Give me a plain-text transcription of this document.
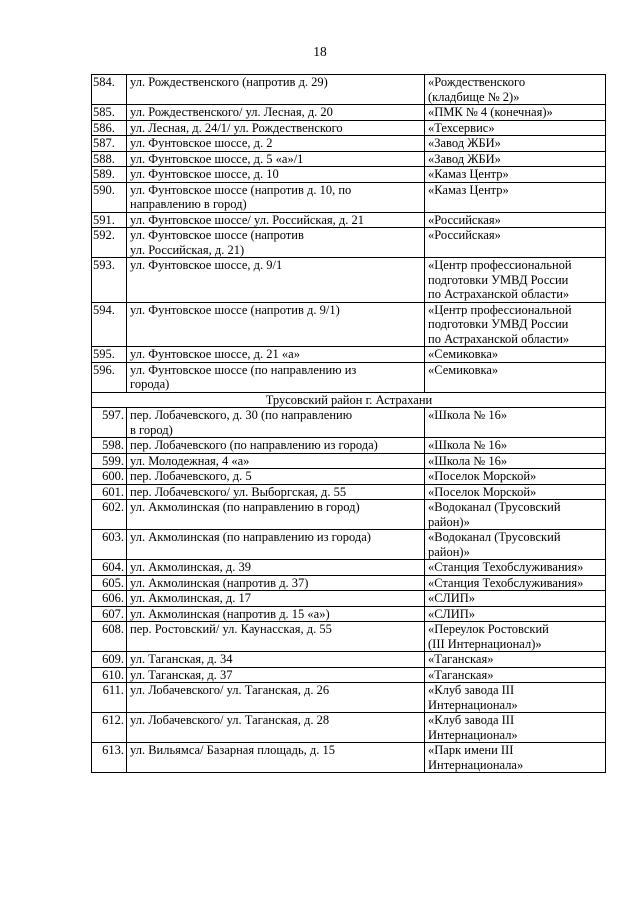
18
584.	ул. Рождественского (напротив д. 29)	«Рождественского
(кладбище № 2)»
585.	ул. Рождественского/ ул. Лесная, д. 20	«ПМК № 4 (конечная)»
586.	ул. Лесная, д. 24/1/ ул. Рождественского	«Техсервис»
587.	ул. Фунтовское шоссе, д. 2	«Завод ЖБИ»
588.	ул. Фунтовское шоссе, д. 5 «а»/1	«Завод ЖБИ»
589.	ул. Фунтовское шоссе, д. 10	«Камаз Центр»
590.	ул. Фунтовское шоссе (напротив д. 10, по
направлению в город)	«Камаз Центр»
591.	ул. Фунтовское шоссе/ ул. Российская, д. 21	«Российская»
592.	ул. Фунтовское шоссе (напротив
ул. Российская, д. 21)	«Российская»
593.	ул. Фунтовское шоссе, д. 9/1	«Центр профессиональной
подготовки УМВД России
по Астраханской области»
594.	ул. Фунтовское шоссе (напротив д. 9/1)	«Центр профессиональной
подготовки УМВД России
по Астраханской области»
595.	ул. Фунтовское шоссе, д. 21 «а»	«Семиковка»
596.	ул. Фунтовское шоссе (по направлению из
города)	«Семиковка»
Трусовский район г. Астрахани		
597.	пер. Лобачевского, д. 30 (по направлению
в город)	«Школа № 16»
598.	пер. Лобачевского (по направлению из города)	«Школа № 16»
599.	ул. Молодежная, 4 «а»	«Школа № 16»
600.	пер. Лобачевского, д. 5	«Поселок Морской»
601.	пер. Лобачевского/ ул. Выборгская, д. 55	«Поселок Морской»
602.	ул. Акмолинская (по направлению в город)	«Водоканал (Трусовский
район)»
603.	ул. Акмолинская (по направлению из города)	«Водоканал (Трусовский
район)»
604.	ул. Акмолинская, д. 39	«Станция Техобслуживания»
605.	ул. Акмолинская (напротив д. 37)	«Станция Техобслуживания»
606.	ул. Акмолинская, д. 17	«СЛИП»
607.	ул. Акмолинская (напротив д. 15 «а»)	«СЛИП»
608.	пер. Ростовский/ ул. Каунасская, д. 55	«Переулок Ростовский
(III Интернационал)»
609.	ул. Таганская, д. 34	«Таганская»
610.	ул. Таганская, д. 37	«Таганская»
611.	ул. Лобачевского/ ул. Таганская, д. 26	«Клуб завода III
Интернационал»
612.	ул. Лобачевского/ ул. Таганская, д. 28	«Клуб завода III
Интернационал»
613.	ул. Вильямса/ Базарная площадь, д. 15	«Парк имени III
Интернационала»
